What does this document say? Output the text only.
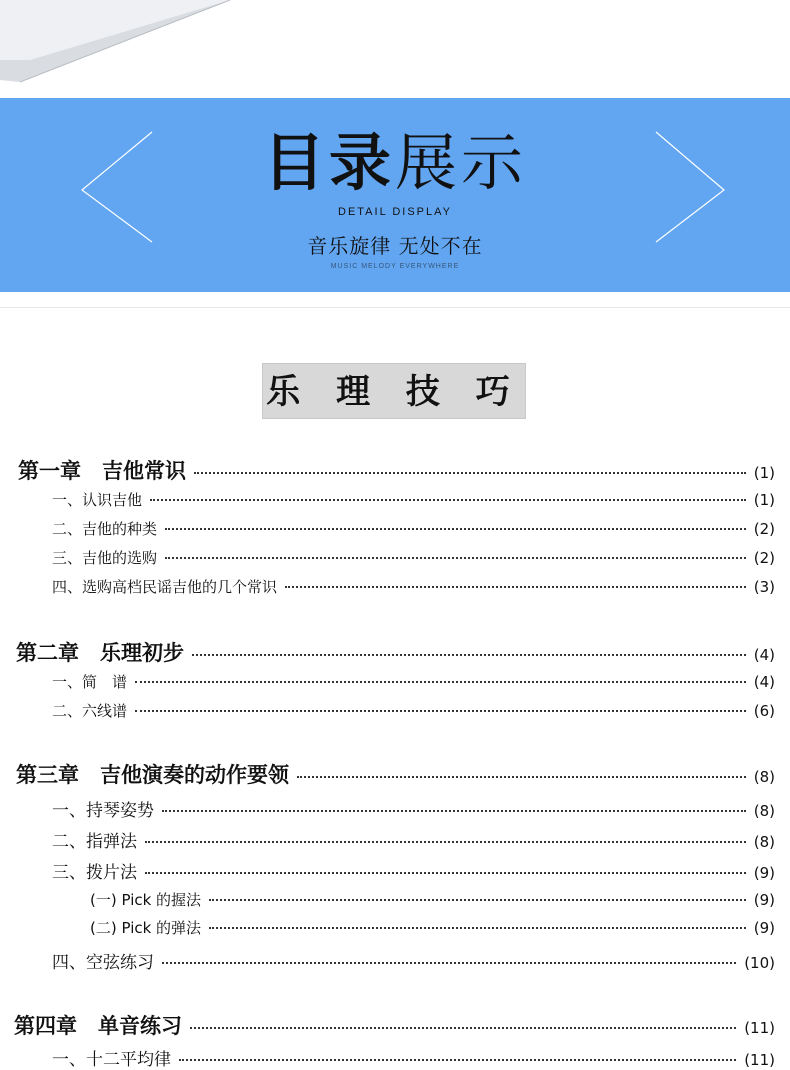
目录展示
DETAIL DISPLAY
音乐旋律 无处不在
MUSIC MELODY EVERYWHERE
乐 理 技 巧
第一章　吉他常识	(1)
一、认识吉他	(1)
二、吉他的种类	(2)
三、吉他的选购	(2)
四、选购高档民谣吉他的几个常识	(3)
第二章　乐理初步	(4)
一、简　谱	(4)
二、六线谱	(6)
第三章　吉他演奏的动作要领	(8)
一、持琴姿势	(8)
二、指弹法	(8)
三、拨片法	(9)
(一) Pick 的握法	(9)
(二) Pick 的弹法	(9)
四、空弦练习	(10)
第四章　单音练习	(11)
一、十二平均律	(11)
